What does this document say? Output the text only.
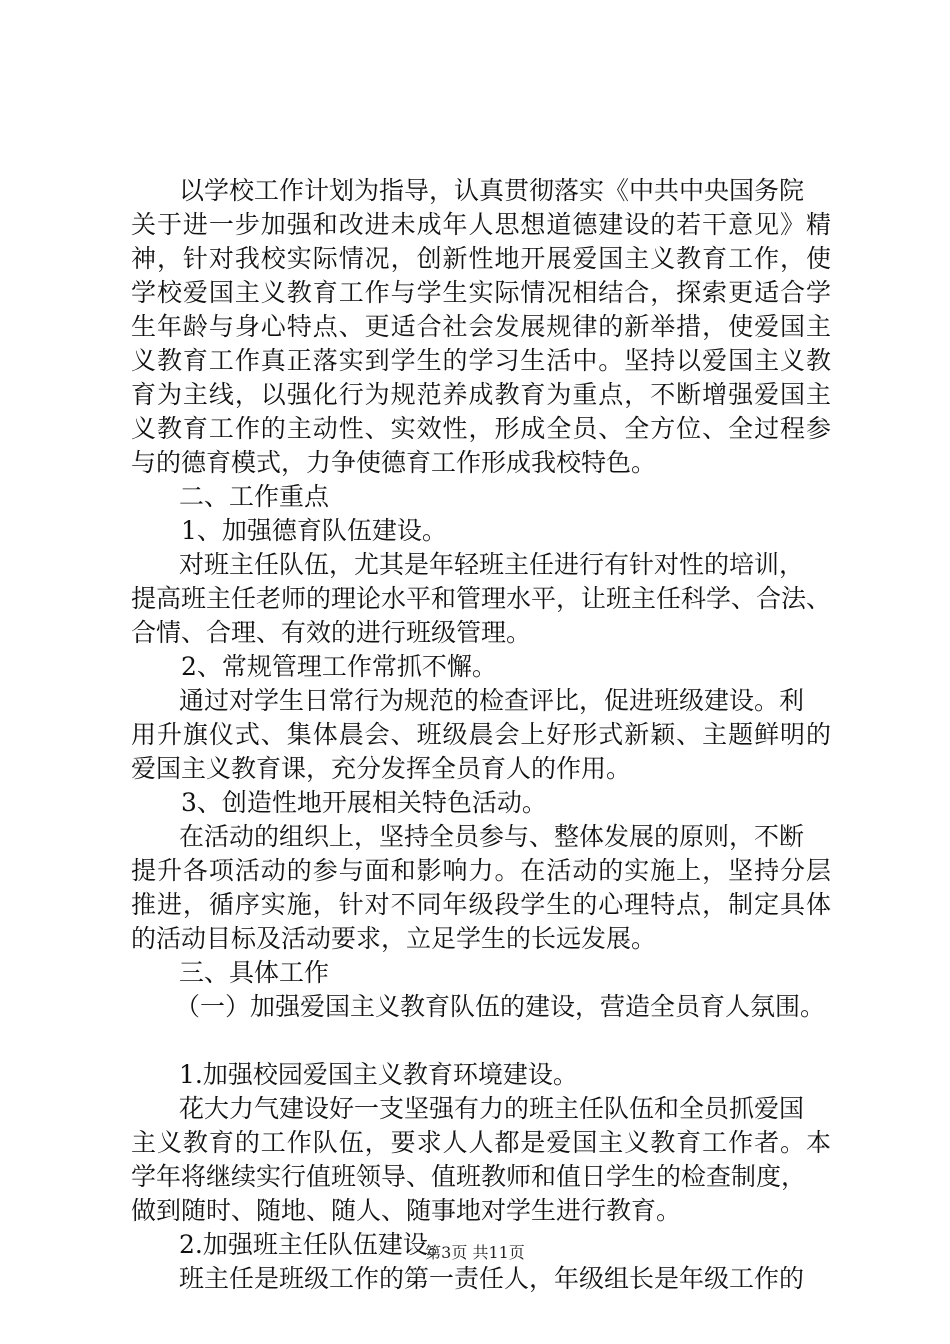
以学校工作计划为指导，认真贯彻落实《中共中央国务院
关于进一步加强和改进未成年人思想道德建设的若干意见》精
神，针对我校实际情况，创新性地开展爱国主义教育工作，使
学校爱国主义教育工作与学生实际情况相结合，探索更适合学
生年龄与身心特点、更适合社会发展规律的新举措，使爱国主
义教育工作真正落实到学生的学习生活中。坚持以爱国主义教
育为主线，以强化行为规范养成教育为重点，不断增强爱国主
义教育工作的主动性、实效性，形成全员、全方位、全过程参
与的德育模式，力争使德育工作形成我校特色。
二、工作重点
1、加强德育队伍建设。
对班主任队伍，尤其是年轻班主任进行有针对性的培训，
提高班主任老师的理论水平和管理水平，让班主任科学、合法、
合情、合理、有效的进行班级管理。
2、常规管理工作常抓不懈。
通过对学生日常行为规范的检查评比，促进班级建设。利
用升旗仪式、集体晨会、班级晨会上好形式新颖、主题鲜明的
爱国主义教育课，充分发挥全员育人的作用。
3、创造性地开展相关特色活动。
在活动的组织上，坚持全员参与、整体发展的原则，不断
提升各项活动的参与面和影响力。在活动的实施上，坚持分层
推进，循序实施，针对不同年级段学生的心理特点，制定具体
的活动目标及活动要求，立足学生的长远发展。
三、具体工作
（一）加强爱国主义教育队伍的建设，营造全员育人氛围。
1.加强校园爱国主义教育环境建设。
花大力气建设好一支坚强有力的班主任队伍和全员抓爱国
主义教育的工作队伍，要求人人都是爱国主义教育工作者。本
学年将继续实行值班领导、值班教师和值日学生的检查制度，
做到随时、随地、随人、随事地对学生进行教育。
2.加强班主任队伍建设。
班主任是班级工作的第一责任人，年级组长是年级工作的
第3页 共11页
